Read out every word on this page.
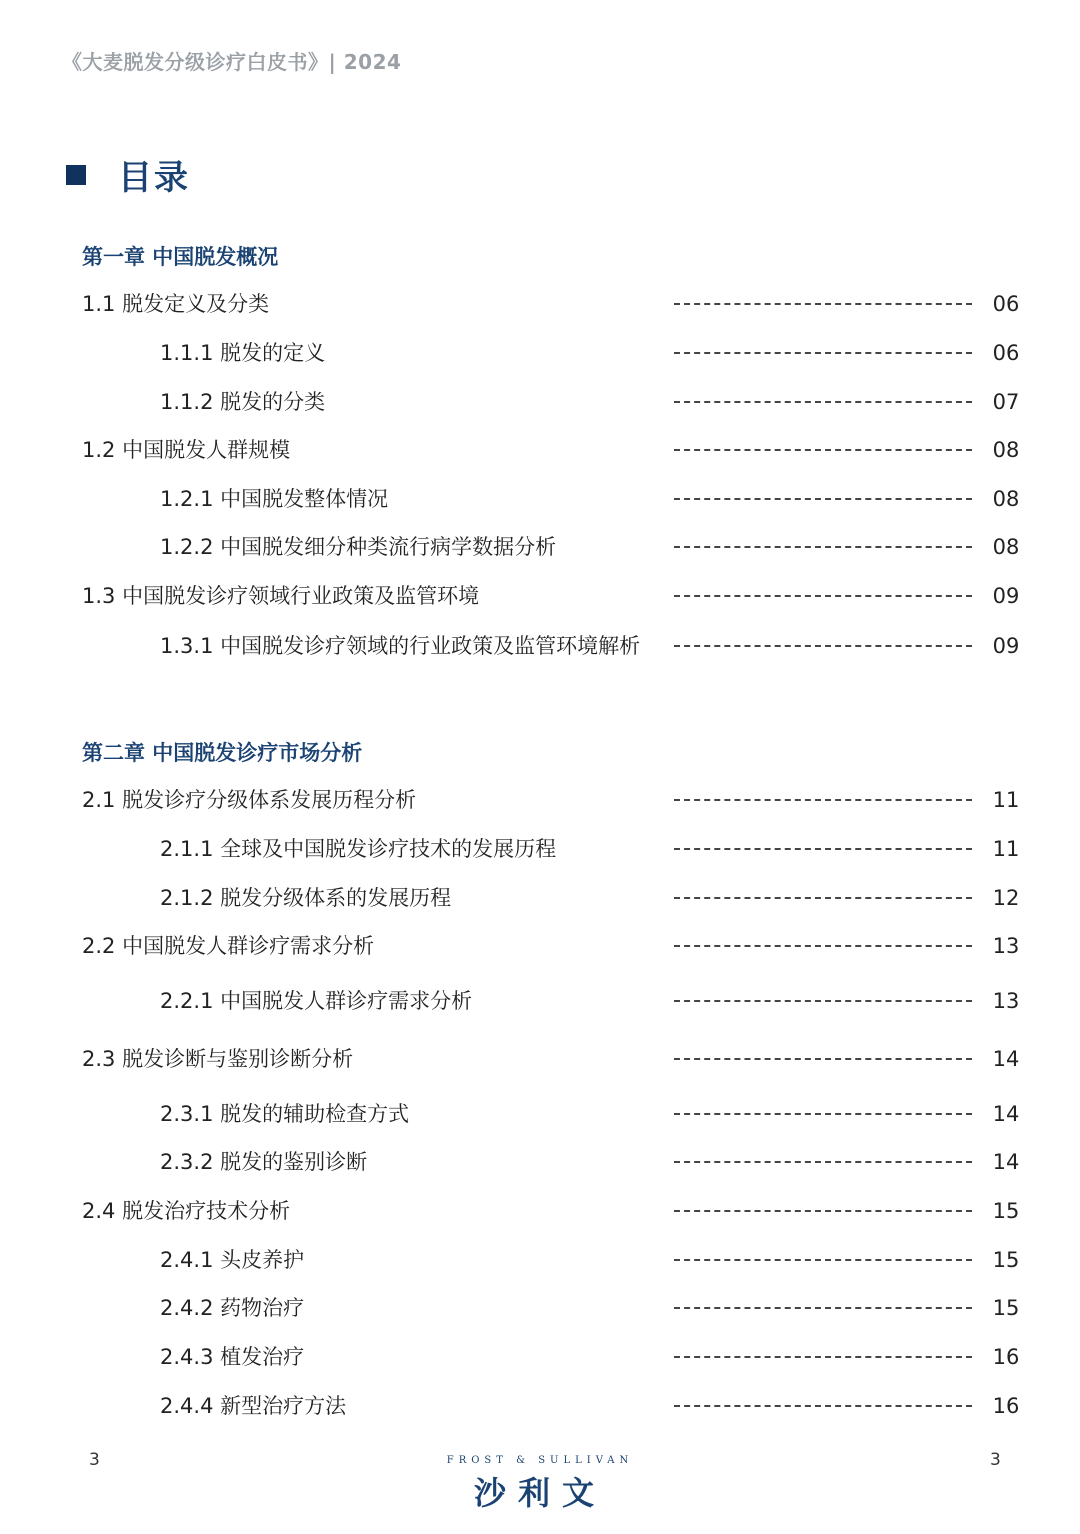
《大麦脱发分级诊疗白皮书》| 2024
目录
第一章 中国脱发概况
1.1 脱发定义及分类	06
1.1.1 脱发的定义	06
1.1.2 脱发的分类	07
1.2 中国脱发人群规模	08
1.2.1 中国脱发整体情况	08
1.2.2 中国脱发细分种类流行病学数据分析	08
1.3 中国脱发诊疗领域行业政策及监管环境	09
1.3.1 中国脱发诊疗领域的行业政策及监管环境解析	09
第二章 中国脱发诊疗市场分析
2.1 脱发诊疗分级体系发展历程分析	11
2.1.1 全球及中国脱发诊疗技术的发展历程	11
2.1.2 脱发分级体系的发展历程	12
2.2 中国脱发人群诊疗需求分析	13
2.2.1 中国脱发人群诊疗需求分析	13
2.3 脱发诊断与鉴别诊断分析	14
2.3.1 脱发的辅助检查方式	14
2.3.2 脱发的鉴别诊断	14
2.4 脱发治疗技术分析	15
2.4.1 头皮养护	15
2.4.2 药物治疗	15
2.4.3 植发治疗	16
2.4.4 新型治疗方法	16
3	FROST & SULLIVAN
沙利文
3
